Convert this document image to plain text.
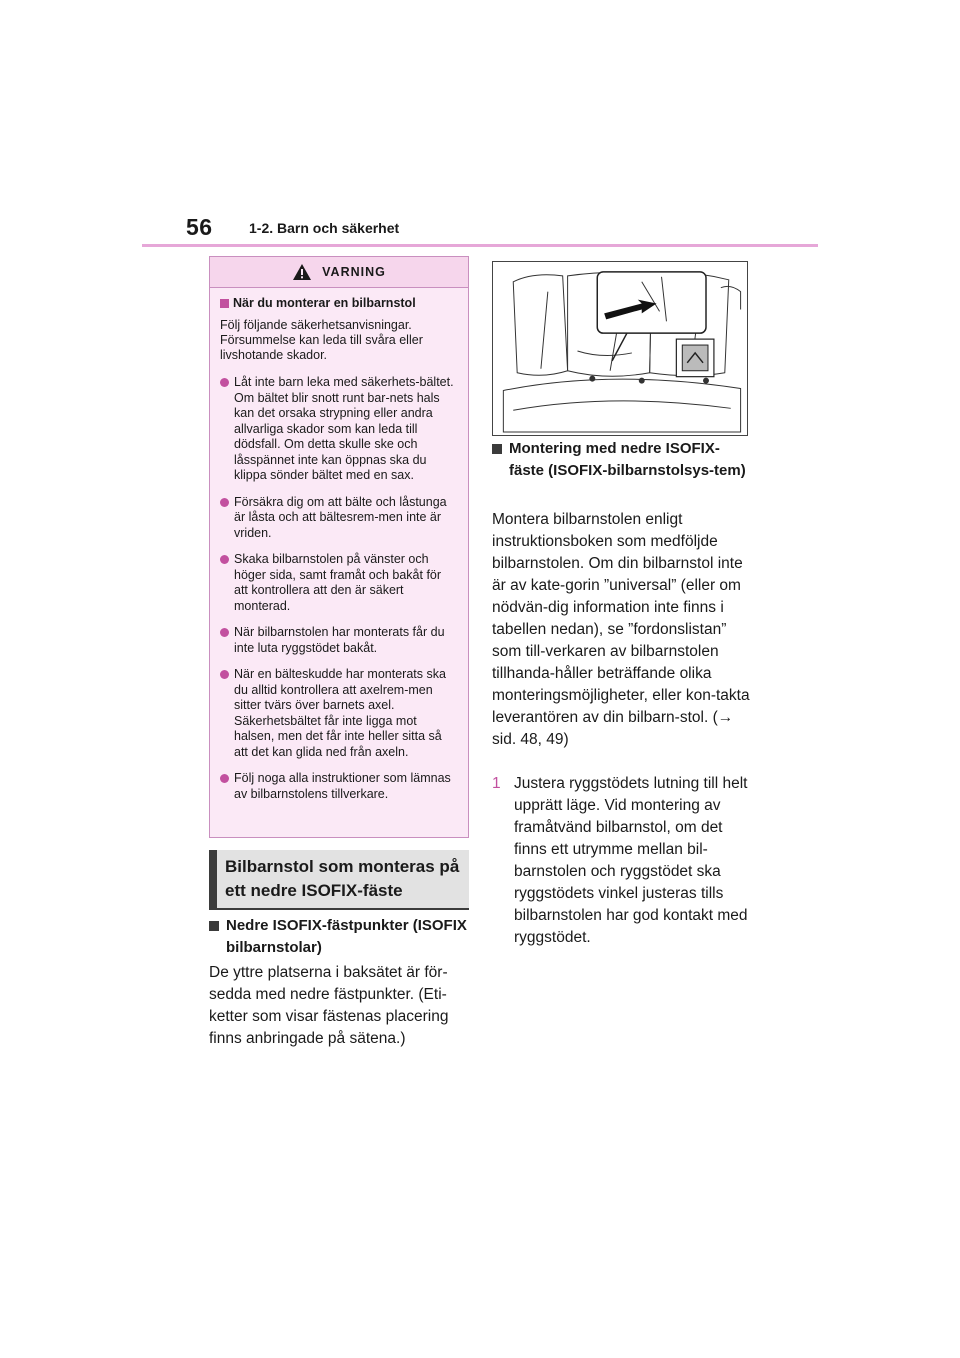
56	1-2. Barn och säkerhet
VARNING
När du monterar en bilbarnstol

Följ följande säkerhetsanvisningar. Försummelse kan leda till svåra eller livshotande skador.

Låt inte barn leka med säkerhets-bältet. Om bältet blir snott runt bar-nets hals kan det orsaka strypning eller andra allvarliga skador som kan leda till dödsfall. Om detta skulle ske och låsspännet inte kan öppnas ska du klippa sönder bältet med en sax.
Försäkra dig om att bälte och låstunga är låsta och att bältesrem-men inte är vriden.
Skaka bilbarnstolen på vänster och höger sida, samt framåt och bakåt för att kontrollera att den är säkert monterad.
När bilbarnstolen har monterats får du inte luta ryggstödet bakåt.
När en bälteskudde har monterats ska du alltid kontrollera att axelrem-men sitter tvärs över barnets axel. Säkerhetsbältet får inte ligga mot halsen, men det får inte heller sitta så att det kan glida ned från axeln.
Följ noga alla instruktioner som lämnas av bilbarnstolens tillverkare.
Bilbarnstol som monteras på ett nedre ISOFIX-fäste
Nedre ISOFIX-fästpunkter (ISOFIX bilbarnstolar)

De yttre platserna i baksätet är för-sedda med nedre fästpunkter. (Eti-ketter som visar fästenas placering finns anbringade på sätena.)

Montering med nedre ISOFIX-fäste (ISOFIX-bilbarnstolsys-tem)

Montera bilbarnstolen enligt instruktionsboken som medföljde bilbarnstolen. Om din bilbarnstol inte är av kate-gorin ”universal” (eller om nödvän-dig information inte finns i tabellen nedan), se ”fordonslistan” som till-verkaren av bilbarnstolen tillhanda-håller beträffande olika monteringsmöjligheter, eller kon-takta leverantören av din bilbarn-stol. (→ sid. 48, 49)

1 Justera ryggstödets lutning till helt upprätt läge. Vid montering av framåtvänd bilbarnstol, om det finns ett utrymme mellan bil-barnstolen och ryggstödet ska ryggstödets vinkel justeras tills bilbarnstolen har god kontakt med ryggstödet.
